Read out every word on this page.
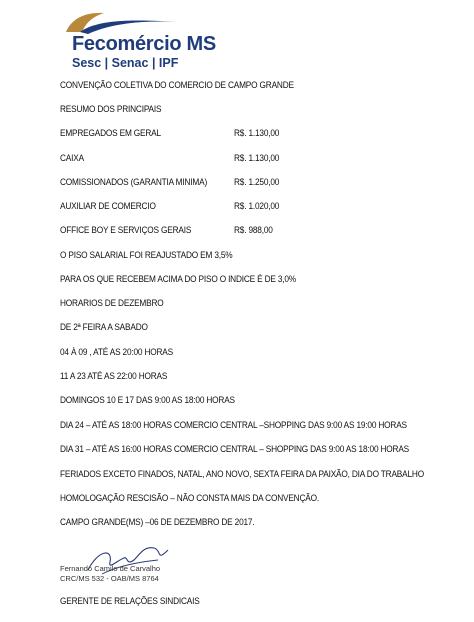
Fecomércio MS
Sesc | Senac | IPF
CONVENÇÃO COLETIVA DO COMERCIO DE CAMPO GRANDE
RESUMO DOS PRINCIPAIS
EMPREGADOS EM GERAL	R$. 1.130,00
CAIXA	R$. 1.130,00
COMISSIONADOS (GARANTIA MINIMA)	R$. 1.250,00
AUXILIAR DE COMERCIO	R$. 1.020,00
OFFICE BOY E SERVIÇOS GERAIS	R$. 988,00
O PISO SALARIAL FOI REAJUSTADO EM 3,5%
PARA OS QUE RECEBEM ACIMA DO PISO O INDICE É DE 3,0%
HORARIOS DE DEZEMBRO
DE 2ª FEIRA A SABADO
04 À 09 , ATÉ AS 20:00 HORAS
11 A 23 ATÉ AS 22:00 HORAS
DOMINGOS 10 E 17 DAS 9:00 AS 18:00 HORAS
DIA 24 – ATÉ AS 18:00 HORAS COMERCIO CENTRAL –SHOPPING DAS 9:00 AS 19:00 HORAS
DIA 31 – ATÉ AS 16:00 HORAS COMERCIO CENTRAL – SHOPPING DAS 9:00 AS 18:00 HORAS
FERIADOS EXCETO FINADOS, NATAL, ANO NOVO, SEXTA FEIRA DA PAIXÃO, DIA DO TRABALHO
HOMOLOGAÇÃO RESCISÃO – NÃO CONSTA MAIS DA CONVENÇÃO.
CAMPO GRANDE(MS) –06 DE DEZEMBRO DE 2017.
Fernando Camilo de Carvalho
CRC/MS 532 - OAB/MS 8764
GERENTE DE RELAÇÕES SINDICAIS
